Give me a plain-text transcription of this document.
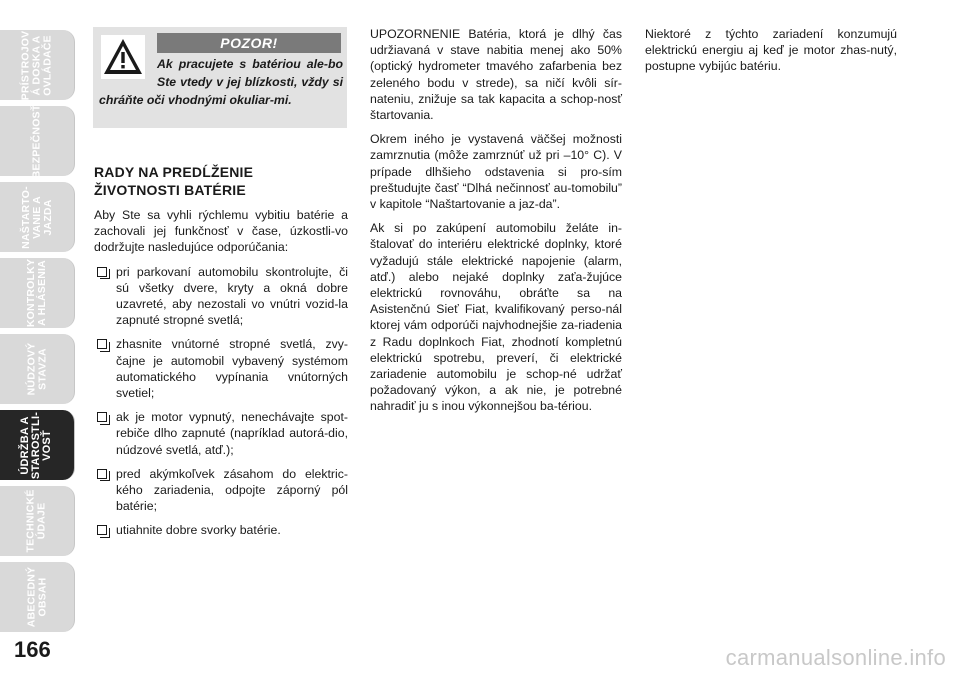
PRÍSTROJOV
Á DOSKA A
OVLÁDAČE
BEZPEČNOSŤ
NAŠTARTO-
VANIE A
JAZDA
KONTROLKY
A HLÁSENIA
NÚDZOVÝ
STAVZA
ÚDRŽBA A
STAROSTLI-
VOSŤ
TECHNICKÉ
ÚDAJE
ABECEDNÝ
OBSAH
166
POZOR!
Ak pracujete s batériou ale-bo Ste vtedy v jej blízkosti, vždy si chráňte oči vhodnými okuliar-mi.
RADY NA PREDĹŽENIE
ŽIVOTNOSTI BATÉRIE

Aby Ste sa vyhli rýchlemu vybitiu batérie a zachovali jej funkčnosť v čase, úzkostli-vo dodržujte nasledujúce odporúčania:

pri parkovaní automobilu skontrolujte, či sú všetky dvere, kryty a okná dobre uzavreté, aby nezostali vo vnútri vozid-la zapnuté stropné svetlá;
zhasnite vnútorné stropné svetlá, zvy-čajne je automobil vybavený systémom automatického vypínania vnútorných svetiel;
ak je motor vypnutý, nenechávajte spot-rebiče dlho zapnuté (napríklad autorá-dio, núdzové svetlá, atď.);
pred akýmkoľvek zásahom do elektric-kého zariadenia, odpojte záporný pól batérie;
utiahnite dobre svorky batérie.

UPOZORNENIE Batéria, ktorá je dlhý čas udržiavaná v stave nabitia menej ako 50% (optický hydrometer tmavého zafarbenia bez zeleného bodu v strede), sa ničí kvôli sír-nateniu, znižuje sa tak kapacita a schop-nosť štartovania.

Okrem iného je vystavená väčšej možnosti zamrznutia (môže zamrznúť už pri –10° C). V prípade dlhšieho odstavenia si pro-sím preštudujte časť “Dlhá nečinnosť au-tomobilu” v kapitole “Naštartovanie a jaz-da”.

Ak si po zakúpení automobilu želáte in-štalovať do interiéru elektrické doplnky, ktoré vyžadujú stále elektrické napojenie (alarm, atď.) alebo nejaké doplnky zaťa-žujúce elektrickú rovnováhu, obráťte sa na Asistenčnú Sieť Fiat, kvalifikovaný perso-nál ktorej vám odporúči najvhodnejšie za-riadenia z Radu doplnkoch Fiat, zhodnotí kompletnú elektrickú spotrebu, preverí, či elektrické zariadenie automobilu je schop-né udržať požadovaný výkon, a ak nie, je potrebné nahradiť ju s inou výkonnejšou ba-tériou.

Niektoré z týchto zariadení konzumujú elektrickú energiu aj keď je motor zhas-nutý, postupne vybijúc batériu.

carmanualsonline.info
